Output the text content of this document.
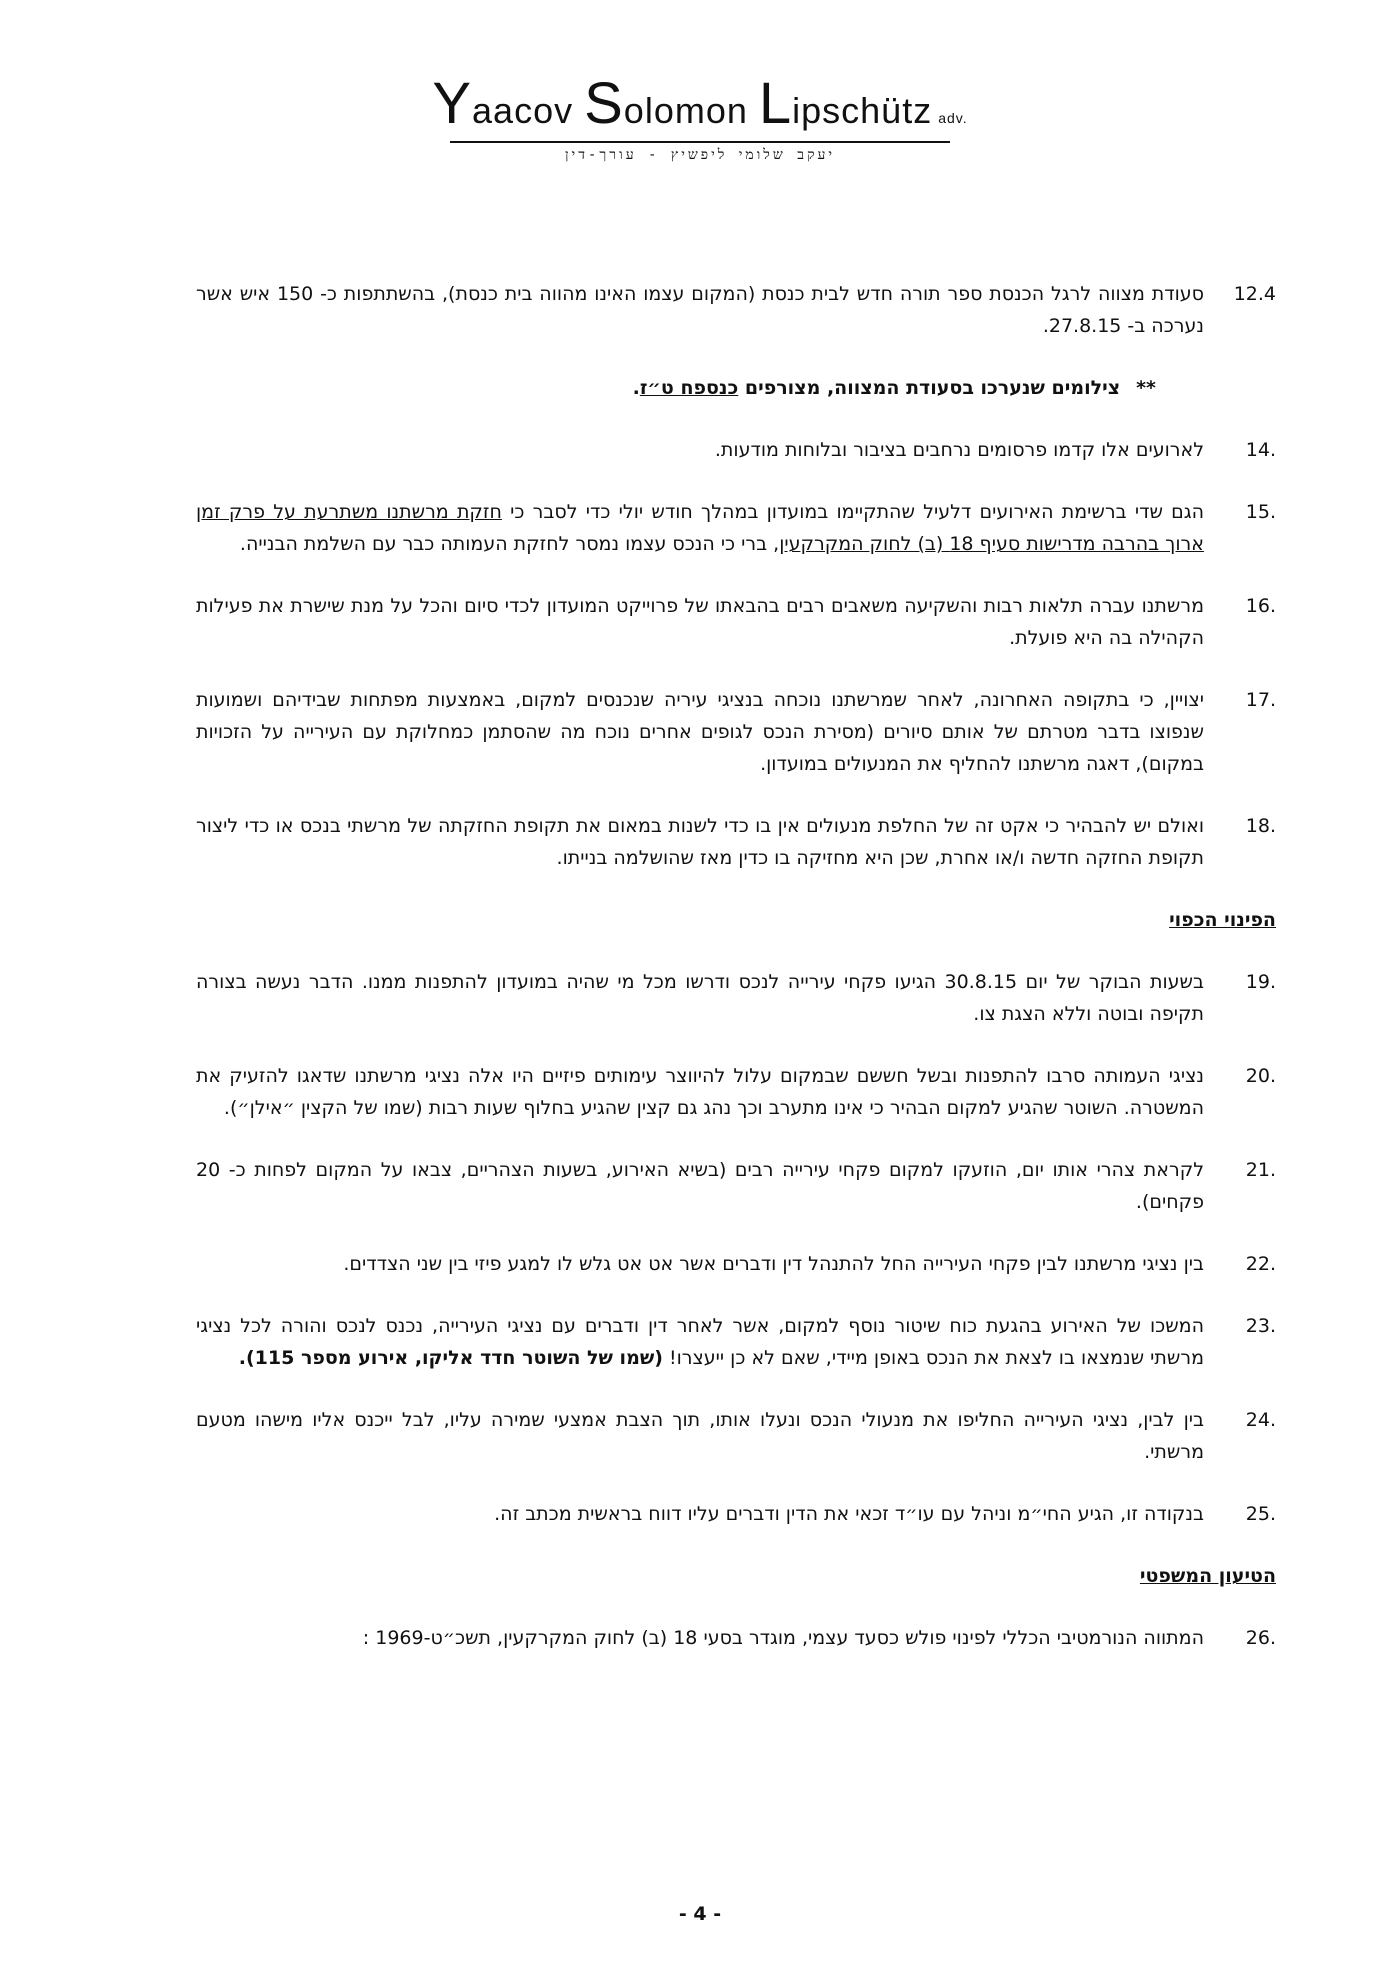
Yaacov Solomon Lipschütz adv.
יעקב שלומי ליפשיץ - עורך-דין
12.4
סעודת מצווה לרגל הכנסת ספר תורה חדש לבית כנסת (המקום עצמו האינו מהווה בית כנסת), בהשתתפות כ- 150 איש אשר נערכה ב- 27.8.15.
**
צילומים שנערכו בסעודת המצווה, מצורפים כנספח ט״ז.
14.
לארועים אלו קדמו פרסומים נרחבים בציבור ובלוחות מודעות.
15.
הגם שדי ברשימת האירועים דלעיל שהתקיימו במועדון במהלך חודש יולי כדי לסבר כי חזקת מרשתנו משתרעת על פרק זמן ארוך בהרבה מדרישות סעיף 18 (ב) לחוק המקרקעין, ברי כי הנכס עצמו נמסר לחזקת העמותה כבר עם השלמת הבנייה.
16.
מרשתנו עברה תלאות רבות והשקיעה משאבים רבים בהבאתו של פרוייקט המועדון לכדי סיום והכל על מנת שישרת את פעילות הקהילה בה היא פועלת.
17.
יצויין, כי בתקופה האחרונה, לאחר שמרשתנו נוכחה בנציגי עיריה שנכנסים למקום, באמצעות מפתחות שבידיהם ושמועות שנפוצו בדבר מטרתם של אותם סיורים (מסירת הנכס לגופים אחרים נוכח מה שהסתמן כמחלוקת עם העירייה על הזכויות במקום), דאגה מרשתנו להחליף את המנעולים במועדון.
18.
ואולם יש להבהיר כי אקט זה של החלפת מנעולים אין בו כדי לשנות במאום את תקופת החזקתה של מרשתי בנכס או כדי ליצור תקופת החזקה חדשה ו/או אחרת, שכן היא מחזיקה בו כדין מאז שהושלמה בנייתו.
הפינוי הכפוי
19.
בשעות הבוקר של יום 30.8.15 הגיעו פקחי עירייה לנכס ודרשו מכל מי שהיה במועדון להתפנות ממנו. הדבר נעשה בצורה תקיפה ובוטה וללא הצגת צו.
20.
נציגי העמותה סרבו להתפנות ובשל חששם שבמקום עלול להיווצר עימותים פיזיים היו אלה נציגי מרשתנו שדאגו להזעיק את המשטרה. השוטר שהגיע למקום הבהיר כי אינו מתערב וכך נהג גם קצין שהגיע בחלוף שעות רבות (שמו של הקצין ״אילן״).
21.
לקראת צהרי אותו יום, הוזעקו למקום פקחי עירייה רבים (בשיא האירוע, בשעות הצהריים, צבאו על המקום לפחות כ- 20 פקחים).
22.
בין נציגי מרשתנו לבין פקחי העירייה החל להתנהל דין ודברים אשר אט אט גלש לו למגע פיזי בין שני הצדדים.
23.
המשכו של האירוע בהגעת כוח שיטור נוסף למקום, אשר לאחר דין ודברים עם נציגי העירייה, נכנס לנכס והורה לכל נציגי מרשתי שנמצאו בו לצאת את הנכס באופן מיידי, שאם לא כן ייעצרו! (שמו של השוטר חדד אליקו, אירוע מספר 115).
24.
בין לבין, נציגי העירייה החליפו את מנעולי הנכס ונעלו אותו, תוך הצבת אמצעי שמירה עליו, לבל ייכנס אליו מישהו מטעם מרשתי.
25.
בנקודה זו, הגיע החי״מ וניהל עם עו״ד זכאי את הדין ודברים עליו דווח בראשית מכתב זה.
הטיעון המשפטי
26.
המתווה הנורמטיבי הכללי לפינוי פולש כסעד עצמי, מוגדר בסעי 18 (ב) לחוק המקרקעין, תשכ״ט-1969 :
- 4 -
